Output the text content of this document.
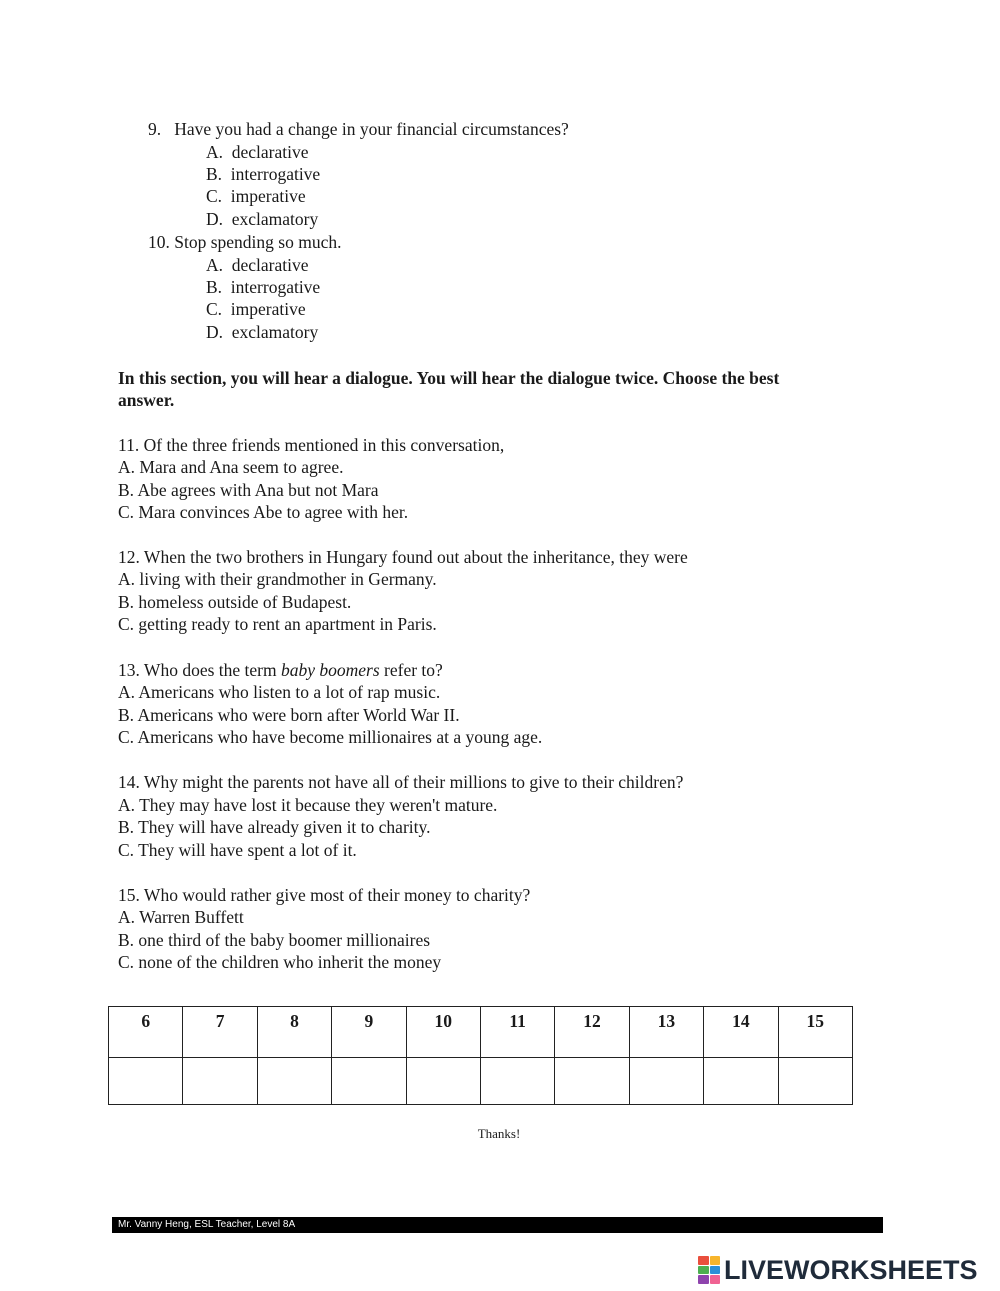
9.   Have you had a change in your financial circumstances?
A.  declarative
B.  interrogative
C.  imperative
D.  exclamatory
10. Stop spending so much.
A.  declarative
B.  interrogative
C.  imperative
D.  exclamatory
In this section, you will hear a dialogue. You will hear the dialogue twice. Choose the best
answer.
11. Of the three friends mentioned in this conversation,
A. Mara and Ana seem to agree.
B. Abe agrees with Ana but not Mara
C. Mara convinces Abe to agree with her.
12. When the two brothers in Hungary found out about the inheritance, they were
A. living with their grandmother in Germany.
B. homeless outside of Budapest.
C. getting ready to rent an apartment in Paris.
13. Who does the term baby boomers refer to?
A. Americans who listen to a lot of rap music.
B. Americans who were born after World War II.
C. Americans who have become millionaires at a young age.
14. Why might the parents not have all of their millions to give to their children?
A. They may have lost it because they weren't mature.
B. They will have already given it to charity.
C. They will have spent a lot of it.
15. Who would rather give most of their money to charity?
A. Warren Buffett
B. one third of the baby boomer millionaires
C. none of the children who inherit the money
6	7	8	9	10	11	12	13	14	15

Thanks!
Mr. Vanny Heng, ESL Teacher, Level 8A
LIVEWORKSHEETS
